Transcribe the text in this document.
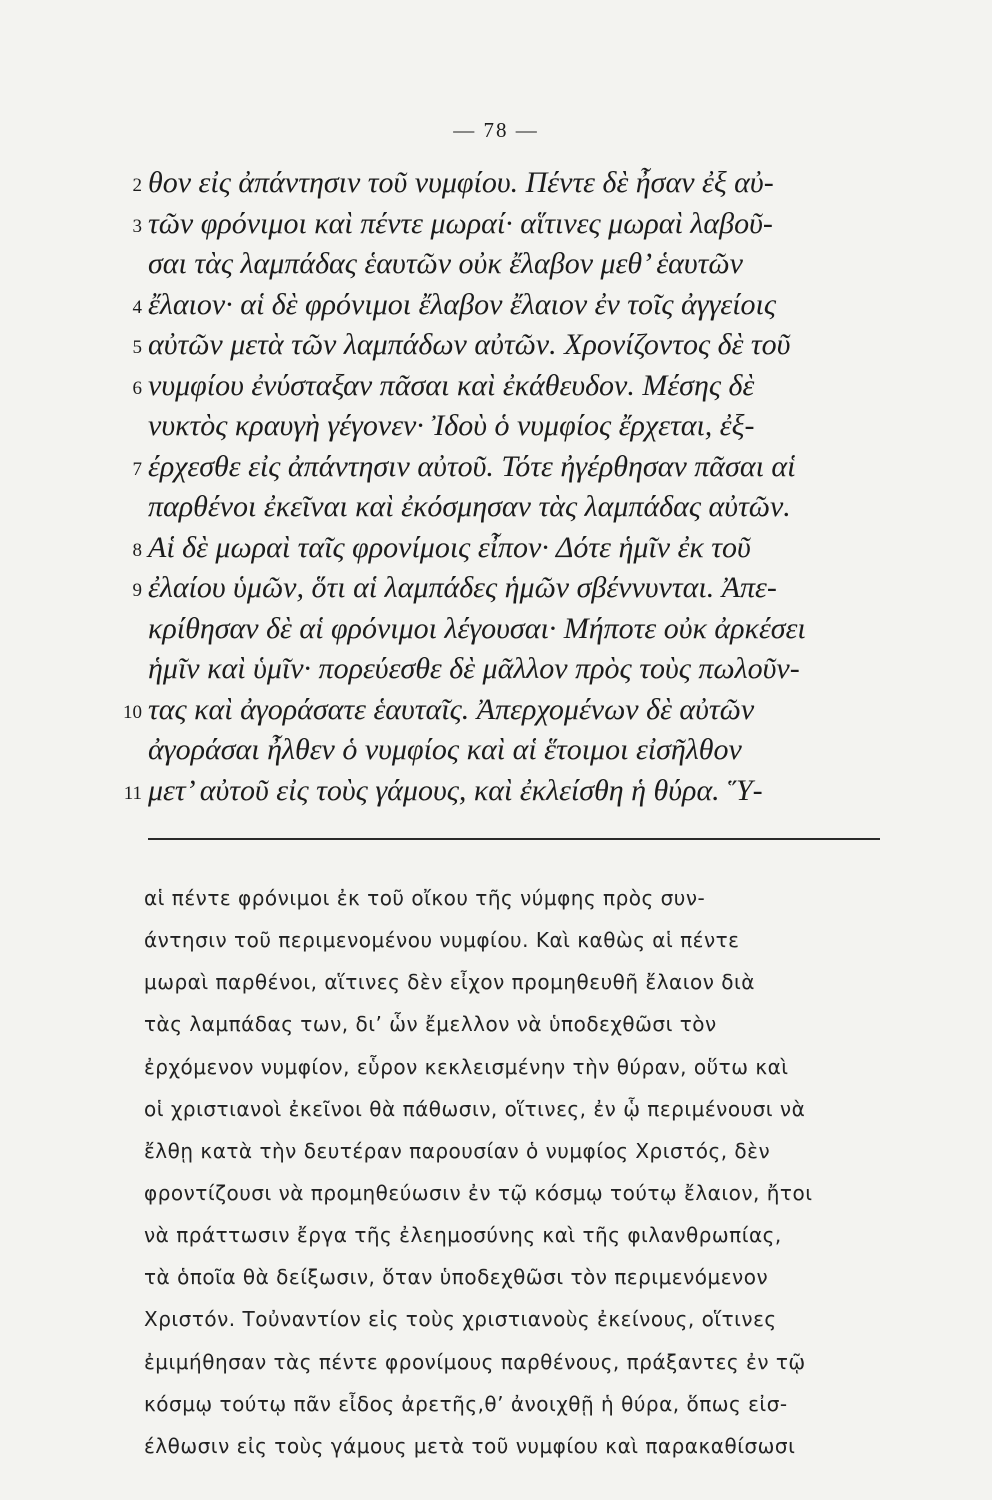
— 78 —
2 θον εἰς ἀπάντησιν τοῦ νυμφίου. Πέντε δὲ ἦσαν ἐξ αὐ-
3 τῶν φρόνιμοι καὶ πέντε μωραί· αἵτινες μωραὶ λαβοῦ-
σαι τὰς λαμπάδας ἑαυτῶν οὐκ ἔλαβον μεθ’ ἑαυτῶν
4 ἔλαιον· αἱ δὲ φρόνιμοι ἔλαβον ἔλαιον ἐν τοῖς ἀγγείοις
5 αὐτῶν μετὰ τῶν λαμπάδων αὐτῶν. Χρονίζοντος δὲ τοῦ
6 νυμφίου ἐνύσταξαν πᾶσαι καὶ ἐκάθευδον. Μέσης δὲ
νυκτὸς κραυγὴ γέγονεν· Ἰδοὺ ὁ νυμφίος ἔρχεται, ἐξ-
7 έρχεσθε εἰς ἀπάντησιν αὐτοῦ. Τότε ἠγέρθησαν πᾶσαι αἱ
παρθένοι ἐκεῖναι καὶ ἐκόσμησαν τὰς λαμπάδας αὐτῶν.
8 Αἱ δὲ μωραὶ ταῖς φρονίμοις εἶπον· Δότε ἡμῖν ἐκ τοῦ
9 ἐλαίου ὑμῶν, ὅτι αἱ λαμπάδες ἡμῶν σβέννυνται. Ἀπε-
κρίθησαν δὲ αἱ φρόνιμοι λέγουσαι· Μήποτε οὐκ ἀρκέσει
ἡμῖν καὶ ὑμῖν· πορεύεσθε δὲ μᾶλλον πρὸς τοὺς πωλοῦν-
10 τας καὶ ἀγοράσατε ἑαυταῖς. Ἀπερχομένων δὲ αὐτῶν
ἀγοράσαι ἦλθεν ὁ νυμφίος καὶ αἱ ἕτοιμοι εἰσῆλθον
11 μετ’ αὐτοῦ εἰς τοὺς γάμους, καὶ ἐκλείσθη ἡ θύρα. Ὕ-
αἱ πέντε φρόνιμοι ἐκ τοῦ οἴκου τῆς νύμφης πρὸς συν-
άντησιν τοῦ περιμενομένου νυμφίου. Καὶ καθὼς αἱ πέντε
μωραὶ παρθένοι, αἵτινες δὲν εἶχον προμηθευθῆ ἔλαιον διὰ
τὰς λαμπάδας των, δι’ ὧν ἔμελλον νὰ ὑποδεχθῶσι τὸν
ἐρχόμενον νυμφίον, εὗρον κεκλεισμένην τὴν θύραν, οὕτω καὶ
οἱ χριστιανοὶ ἐκεῖνοι θὰ πάθωσιν, οἵτινες, ἐν ᾧ περιμένουσι νὰ
ἔλθῃ κατὰ τὴν δευτέραν παρουσίαν ὁ νυμφίος Χριστός, δὲν
φροντίζουσι νὰ προμηθεύωσιν ἐν τῷ κόσμῳ τούτῳ ἔλαιον, ἤτοι
νὰ πράττωσιν ἔργα τῆς ἐλεημοσύνης καὶ τῆς φιλανθρωπίας,
τὰ ὁποῖα θὰ δείξωσιν, ὅταν ὑποδεχθῶσι τὸν περιμενόμενον
Χριστόν. Τοὐναντίον εἰς τοὺς χριστιανοὺς ἐκείνους, οἵτινες
ἐμιμήθησαν τὰς πέντε φρονίμους παρθένους, πράξαντες ἐν τῷ
κόσμῳ τούτῳ πᾶν εἶδος ἀρετῆς,θ’ ἀνοιχθῇ ἡ θύρα, ὅπως εἰσ-
έλθωσιν εἰς τοὺς γάμους μετὰ τοῦ νυμφίου καὶ παρακαθίσωσι
